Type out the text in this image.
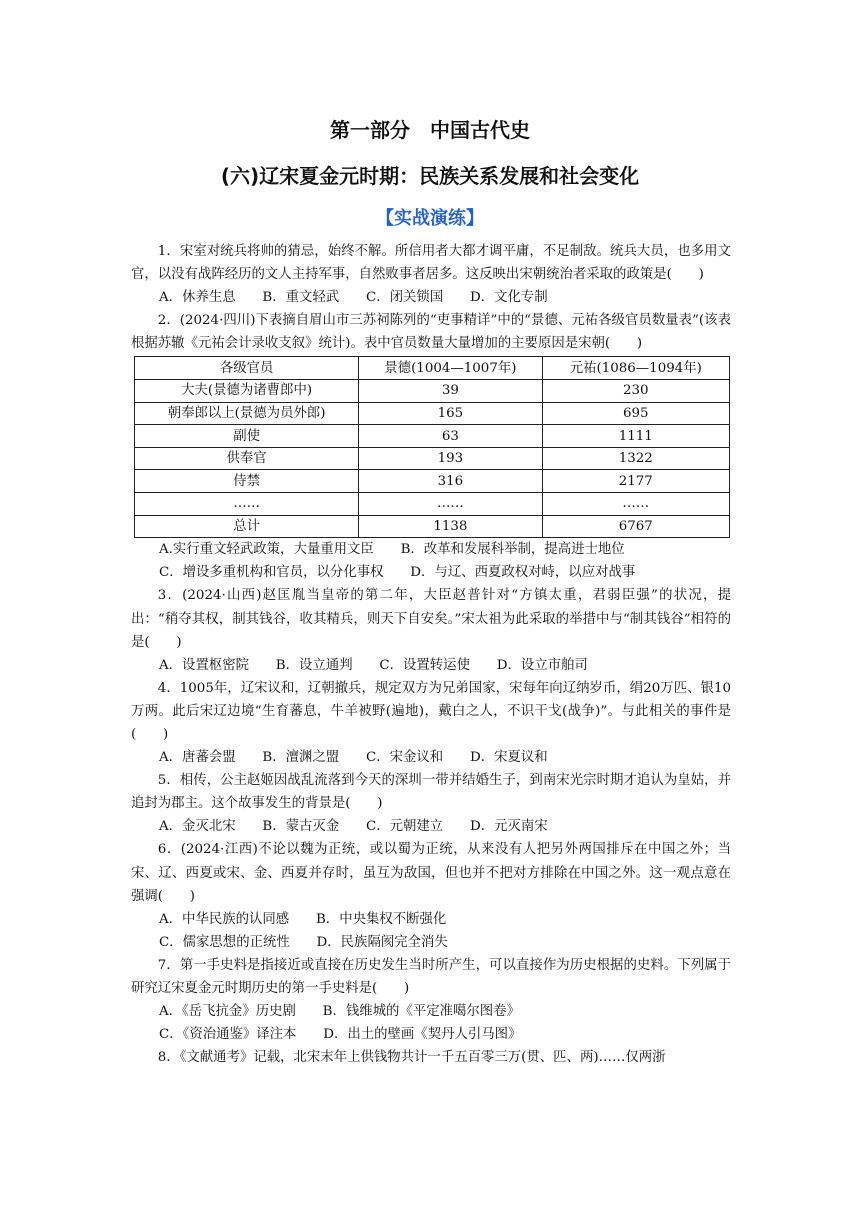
第一部分　中国古代史
(六)辽宋夏金元时期：民族关系发展和社会变化
【实战演练】

1．宋室对统兵将帅的猜忌，始终不解。所信用者大都才调平庸，不足制敌。统兵大员，也多用文官，以没有战阵经历的文人主持军事，自然败事者居多。这反映出宋朝统治者采取的政策是(　　)

A．休养生息　　B．重文轻武　　C．闭关锁国　　D．文化专制

2．(2024·四川)下表摘自眉山市三苏祠陈列的“吏事精详”中的“景德、元祐各级官员数量表”(该表根据苏辙《元祐会计录收支叙》统计)。表中官员数量大量增加的主要原因是宋朝(　　)

各级官员	景德(1004—1007年)	元祐(1086—1094年)
大夫(景德为诸曹郎中)	39	230
朝奉郎以上(景德为员外郎)	165	695
副使	63	1111
供奉官	193	1322
侍禁	316	2177
……	……	……
总计	1138	6767

A.实行重文轻武政策，大量重用文臣　　B．改革和发展科举制，提高进士地位

C．增设多重机构和官员，以分化事权　　D．与辽、西夏政权对峙，以应对战事

3．(2024·山西)赵匡胤当皇帝的第二年，大臣赵普针对“方镇太重，君弱臣强”的状况，提出：“稍夺其权，制其钱谷，收其精兵，则天下自安矣。”宋太祖为此采取的举措中与“制其钱谷”相符的是(　　)

A．设置枢密院　　B．设立通判　　C．设置转运使　　D．设立市舶司

4．1005年，辽宋议和，辽朝撤兵，规定双方为兄弟国家，宋每年向辽纳岁币，绢20万匹、银10万两。此后宋辽边境“生育蕃息，牛羊被野(遍地)，戴白之人，不识干戈(战争)”。与此相关的事件是(　　)

A．唐蕃会盟　　B．澶渊之盟　　C．宋金议和　　D．宋夏议和

5．相传，公主赵姬因战乱流落到今天的深圳一带并结婚生子，到南宋光宗时期才追认为皇姑，并追封为郡主。这个故事发生的背景是(　　)

A．金灭北宋　　B．蒙古灭金　　C．元朝建立　　D．元灭南宋

6．(2024·江西)不论以魏为正统，或以蜀为正统，从来没有人把另外两国排斥在中国之外；当宋、辽、西夏或宋、金、西夏并存时，虽互为敌国，但也并不把对方排除在中国之外。这一观点意在强调(　　)

A．中华民族的认同感　　B．中央集权不断强化

C．儒家思想的正统性　　D．民族隔阂完全消失

7．第一手史料是指接近或直接在历史发生当时所产生，可以直接作为历史根据的史料。下列属于研究辽宋夏金元时期历史的第一手史料是(　　)

A．《岳飞抗金》历史剧　　B．钱维城的《平定准噶尔图卷》

C．《资治通鉴》译注本　　D．出土的壁画《契丹人引马图》

8．《文献通考》记载，北宋末年上供钱物共计一千五百零三万(贯、匹、两)……仅两浙
